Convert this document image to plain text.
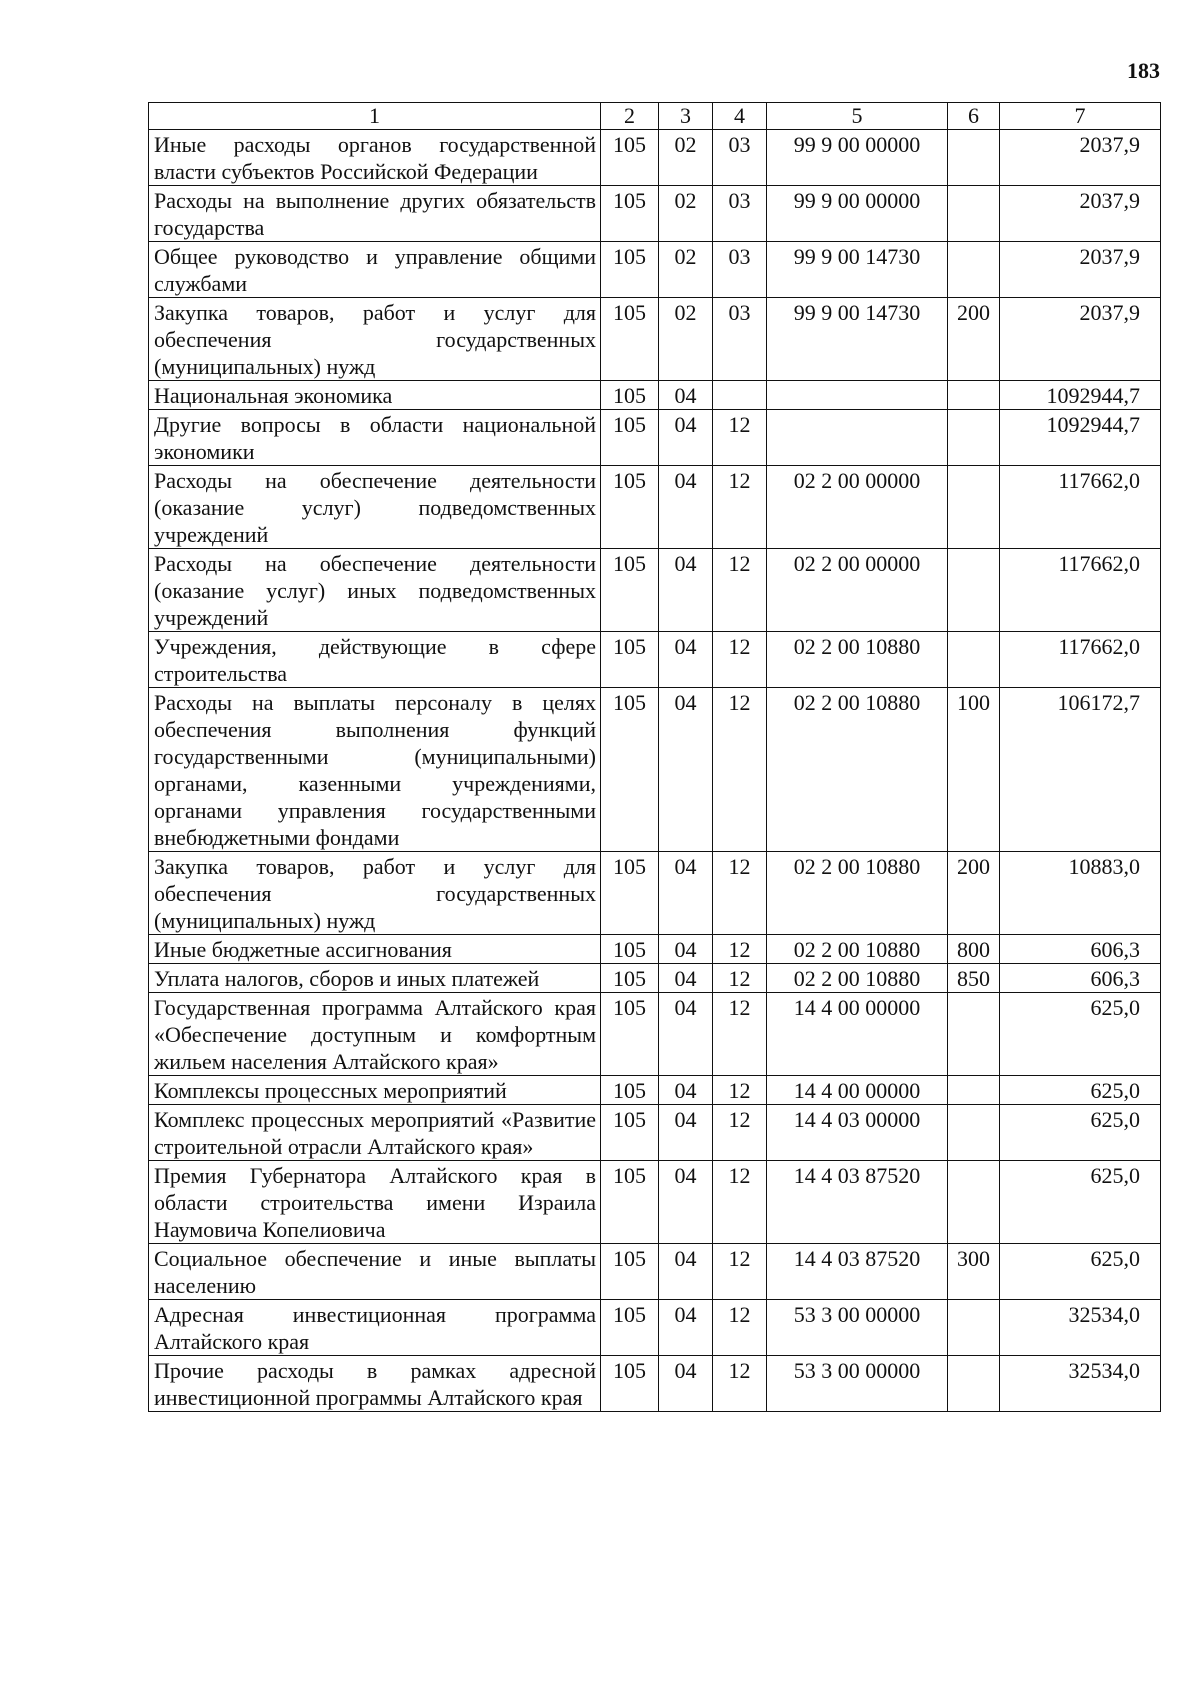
183
1	2	3	4	5	6	7
Иные расходы органов государственной власти субъектов Российской Федерации	105	02	03	99 9 00 00000		2037,9
Расходы на выполнение других обязательств государства	105	02	03	99 9 00 00000		2037,9
Общее руководство и управление общими службами	105	02	03	99 9 00 14730		2037,9
Закупка товаров, работ и услуг для обеспечения государственных (муниципальных) нужд	105	02	03	99 9 00 14730	200	2037,9
Национальная экономика	105	04				1092944,7
Другие вопросы в области национальной экономики	105	04	12			1092944,7
Расходы на обеспечение деятельности (оказание услуг) подведомственных учреждений	105	04	12	02 2 00 00000		117662,0
Расходы на обеспечение деятельности (оказание услуг) иных подведомственных учреждений	105	04	12	02 2 00 00000		117662,0
Учреждения, действующие в сфере строительства	105	04	12	02 2 00 10880		117662,0
Расходы на выплаты персоналу в целях обеспечения выполнения функций государственными (муниципальными) органами, казенными учреждениями, органами управления государственными внебюджетными фондами	105	04	12	02 2 00 10880	100	106172,7
Закупка товаров, работ и услуг для обеспечения государственных (муниципальных) нужд	105	04	12	02 2 00 10880	200	10883,0
Иные бюджетные ассигнования	105	04	12	02 2 00 10880	800	606,3
Уплата налогов, сборов и иных платежей	105	04	12	02 2 00 10880	850	606,3
Государственная программа Алтайского края «Обеспечение доступным и комфортным жильем населения Алтайского края»	105	04	12	14 4 00 00000		625,0
Комплексы процессных мероприятий	105	04	12	14 4 00 00000		625,0
Комплекс процессных мероприятий «Развитие строительной отрасли Алтайского края»	105	04	12	14 4 03 00000		625,0
Премия Губернатора Алтайского края в области строительства имени Израила Наумовича Копелиовича	105	04	12	14 4 03 87520		625,0
Социальное обеспечение и иные выплаты населению	105	04	12	14 4 03 87520	300	625,0
Адресная инвестиционная программа Алтайского края	105	04	12	53 3 00 00000		32534,0
Прочие расходы в рамках адресной инвестиционной программы Алтайского края	105	04	12	53 3 00 00000		32534,0
